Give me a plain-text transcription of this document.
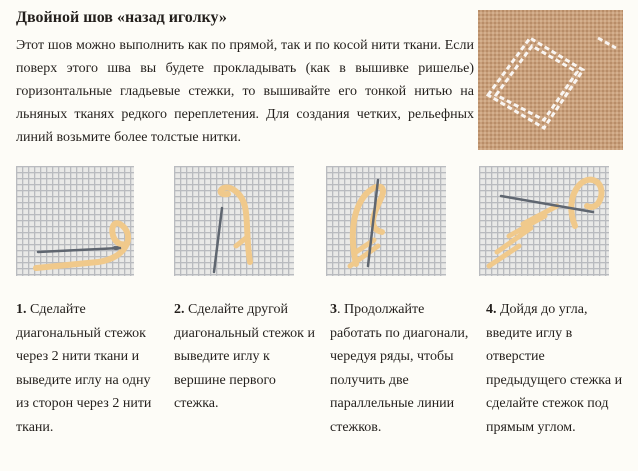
Двойной шов «назад иголку»

Этот шов можно выполнить как по прямой, так и по косой нити ткани. Если поверх этого шва вы будете прокладывать (как в вышивке ришелье) горизонтальные гладьевые стежки, то вышивайте его тонкой нитью на льняных тканях редкого переплетения. Для создания четких, рельефных линий возьмите более толстые нитки.

1. Сделайте диагональный стежок через 2 нити ткани и выведите иглу на одну из сторон через 2 нити ткани.
2. Сделайте другой диагональный стежок и выведите иглу к вершине первого стежка.
3. Продолжайте работать по диагонали, чередуя ряды, чтобы получить две параллельные линии стежков.
4. Дойдя до угла, введите иглу в отверстие предыдущего стежка и сделайте стежок под прямым углом.
